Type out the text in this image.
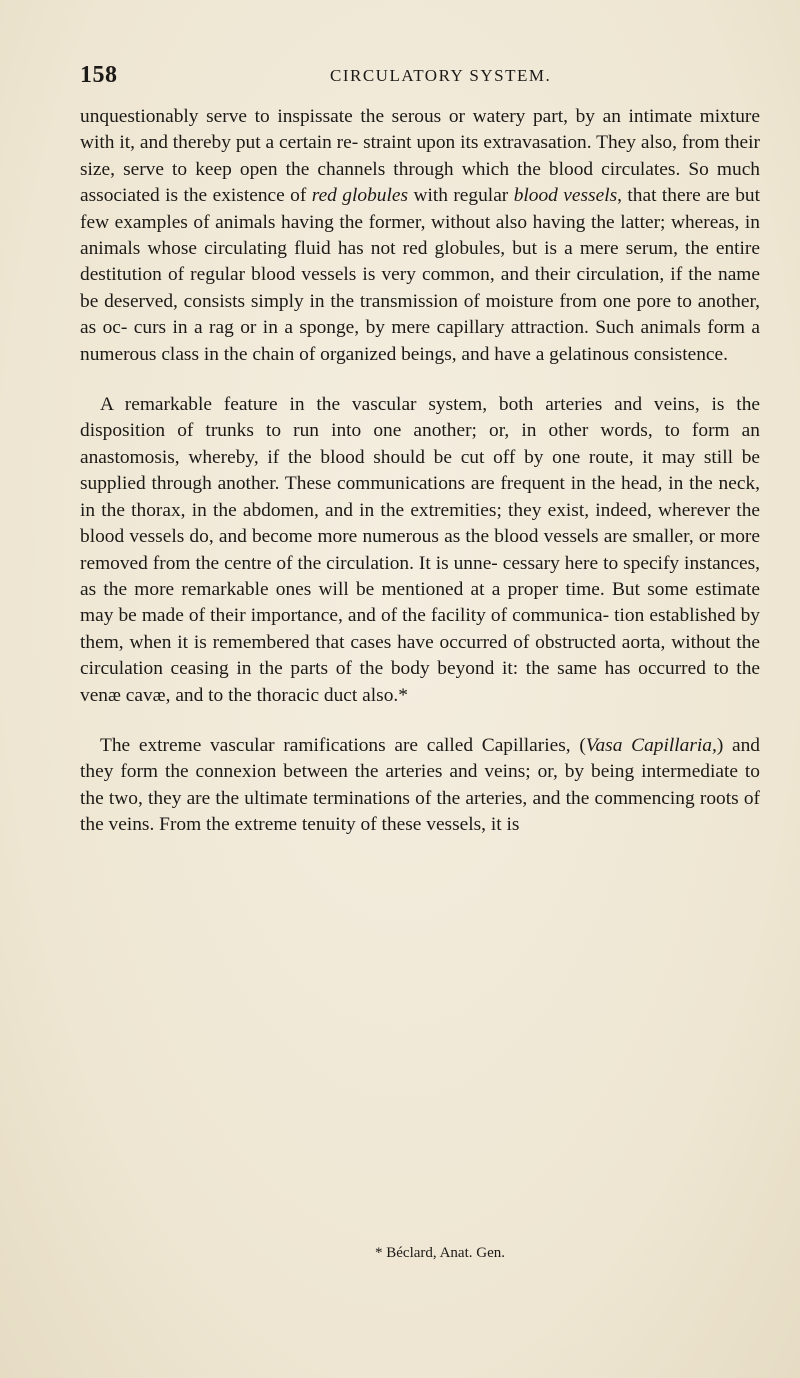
158	CIRCULATORY SYSTEM.

unquestionably serve to inspissate the serous or watery part, by an intimate mixture with it, and thereby put a certain re- straint upon its extravasation. They also, from their size, serve to keep open the channels through which the blood circulates. So much associated is the existence of red globules with regular blood vessels, that there are but few examples of animals having the former, without also having the latter; whereas, in animals whose circulating fluid has not red globules, but is a mere serum, the entire destitution of regular blood vessels is very common, and their circulation, if the name be deserved, consists simply in the transmission of moisture from one pore to another, as oc- curs in a rag or in a sponge, by mere capillary attraction. Such animals form a numerous class in the chain of organized beings, and have a gelatinous consistence.

A remarkable feature in the vascular system, both arteries and veins, is the disposition of trunks to run into one another; or, in other words, to form an anastomosis, whereby, if the blood should be cut off by one route, it may still be supplied through another. These communications are frequent in the head, in the neck, in the thorax, in the abdomen, and in the extremities; they exist, indeed, wherever the blood vessels do, and become more numerous as the blood vessels are smaller, or more removed from the centre of the circulation. It is unne- cessary here to specify instances, as the more remarkable ones will be mentioned at a proper time. But some estimate may be made of their importance, and of the facility of communica- tion established by them, when it is remembered that cases have occurred of obstructed aorta, without the circulation ceasing in the parts of the body beyond it: the same has occurred to the venæ cavæ, and to the thoracic duct also.*

The extreme vascular ramifications are called Capillaries, (Vasa Capillaria,) and they form the connexion between the arteries and veins; or, by being intermediate to the two, they are the ultimate terminations of the arteries, and the commencing roots of the veins. From the extreme tenuity of these vessels, it is

* Béclard, Anat. Gen.
